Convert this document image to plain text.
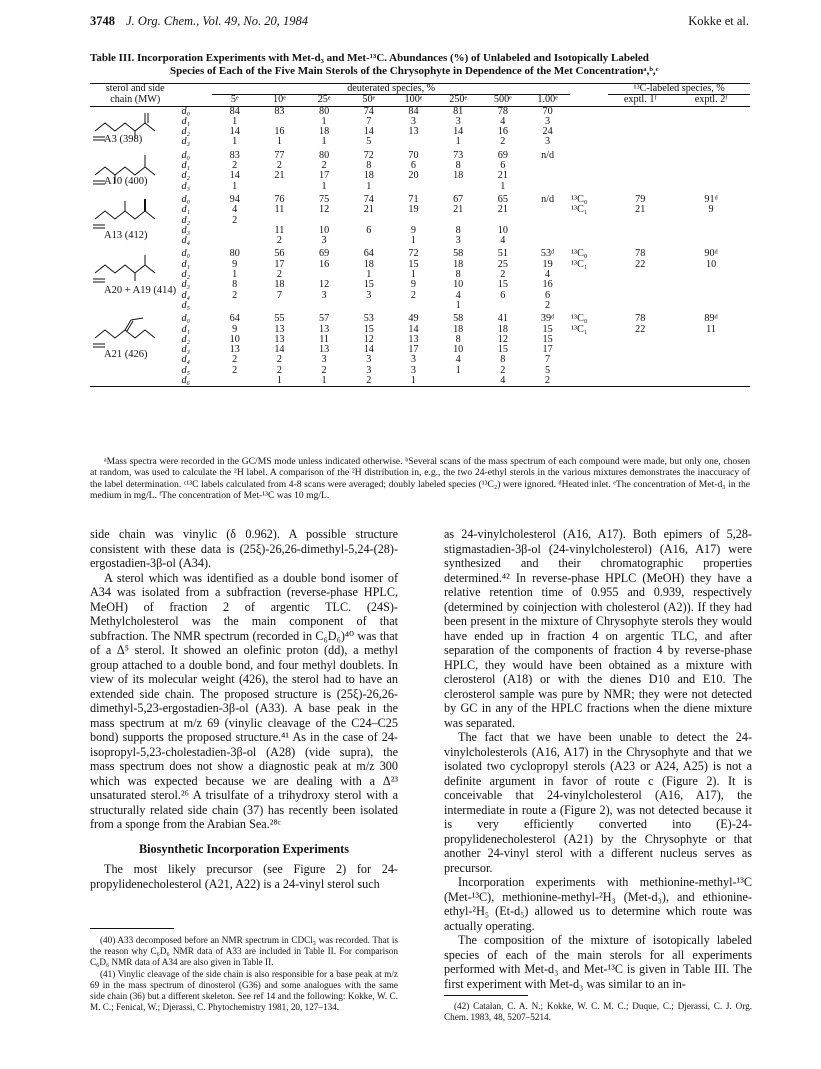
3748 J. Org. Chem., Vol. 49, No. 20, 1984	Kokke et al.
Table III. Incorporation Experiments with Met-d₃ and Met-¹³C. Abundances (%) of Unlabeled and Isotopically Labeled
Species of Each of the Five Main Sterols of the Chrysophyte in Dependence of the Met Concentrationᵃ,ᵇ,ᶜ
sterol and side		deuterated species, %									¹³C-labeled species, %	
chain (MW)		5ᵉ	10ᵉ	25ᵉ	50ᵉ	100ᵉ	250ᵉ	500ᵉ	1.00ᵉ		exptl. 1ᶠ	exptl. 2ᶠ

A3 (398)	d₀	84	83	80	74	84	81	78	70			
	d₁	1		1	7	3	3	4	3			
	d₂	14	16	18	14	13	14	16	24			
	d₃	1	1	1	5		1	2	3			

A10 (400)	d₀	83	77	80	72	70	73	69	n/d			
	d₁	2	2	2	8	6	8	6				
	d₂	14	21	17	18	20	18	21				
	d₃	1		1	1			1				

A13 (412)	d₀	94	76	75	74	71	67	65	n/d	¹³C₀	79	91ᵈ
	d₁	4	11	12	21	19	21	21		¹³C₁	21	9
	d₂	2										
	d₃		11	10	6	9	8	10				
	d₄		2	3		1	3	4				

A20 + A19 (414)	d₀	80	56	69	64	72	58	51	53ᵈ	¹³C₀	78	90ᵈ
	d₁	9	17	16	18	15	18	25	19	¹³C₁	22	10
	d₂	1	2		1	1	8	2	4			
	d₃	8	18	12	15	9	10	15	16			
	d₄	2	7	3	3	2	4	6	6			
	d₅						1		2			

A21 (426)	d₀	64	55	57	53	49	58	41	39ᵈ	¹³C₀	78	89ᵈ
	d₁	9	13	13	15	14	18	18	15	¹³C₁	22	11
	d₂	10	13	11	12	13	8	12	15			
	d₃	13	14	13	14	17	10	15	17			
	d₄	2	2	3	3	3	4	8	7			
	d₅	2	2	2	3	3	1	2	5			
	d₆		1	1	2	1		4	2			
ᵃMass spectra were recorded in the GC/MS mode unless indicated otherwise. ᵇSeveral scans of the mass spectrum of each compound were made, but only one, chosen at random, was used to calculate the ²H label. A comparison of the ²H distribution in, e.g., the two 24-ethyl sterols in the various mixtures demonstrates the inaccuracy of the label determination. ᶜ¹³C labels calculated from 4-8 scans were averaged; doubly labeled species (¹³C₂) were ignored. ᵈHeated inlet. ᵉThe concentration of Met-d₃ in the medium in mg/L. ᶠThe concentration of Met-¹³C was 10 mg/L.

side chain was vinylic (δ 0.962). A possible structure consistent with these data is (25ξ)-26,26-dimethyl-5,24-(28)-ergostadien-3β-ol (A34).

A sterol which was identified as a double bond isomer of A34 was isolated from a subfraction (reverse-phase HPLC, MeOH) of fraction 2 of argentic TLC. (24S)-Methylcholesterol was the main component of that subfraction. The NMR spectrum (recorded in C₆D₆)⁴⁰ was that of a Δ⁵ sterol. It showed an olefinic proton (dd), a methyl group attached to a double bond, and four methyl doublets. In view of its molecular weight (426), the sterol had to have an extended side chain. The proposed structure is (25ξ)-26,26-dimethyl-5,23-ergostadien-3β-ol (A33). A base peak in the mass spectrum at m/z 69 (vinylic cleavage of the C24–C25 bond) supports the proposed structure.⁴¹ As in the case of 24-isopropyl-5,23-cholestadien-3β-ol (A28) (vide supra), the mass spectrum does not show a diagnostic peak at m/z 300 which was expected because we are dealing with a Δ²³ unsaturated sterol.²⁶ A trisulfate of a trihydroxy sterol with a structurally related side chain (37) has recently been isolated from a sponge from the Arabian Sea.²⁸ᶜ

Biosynthetic Incorporation Experiments

The most likely precursor (see Figure 2) for 24-propylidenecholesterol (A21, A22) is a 24-vinyl sterol such

(40) A33 decomposed before an NMR spectrum in CDCl₃ was recorded. That is the reason why C₆D₆ NMR data of A33 are included in Table II. For comparison C₆D₆ NMR data of A34 are also given in Table II.

(41) Vinylic cleavage of the side chain is also responsible for a base peak at m/z 69 in the mass spectrum of dinosterol (G36) and some analogues with the same side chain (36) but a different skeleton. See ref 14 and the following: Kokke, W. C. M. C.; Fenical, W.; Djerassi, C. Phytochemistry 1981, 20, 127–134.

as 24-vinylcholesterol (A16, A17). Both epimers of 5,28-stigmastadien-3β-ol (24-vinylcholesterol) (A16, A17) were synthesized and their chromatographic properties determined.⁴² In reverse-phase HPLC (MeOH) they have a relative retention time of 0.955 and 0.939, respectively (determined by coinjection with cholesterol (A2)). If they had been present in the mixture of Chrysophyte sterols they would have ended up in fraction 4 on argentic TLC, and after separation of the components of fraction 4 by reverse-phase HPLC, they would have been obtained as a mixture with clerosterol (A18) or with the dienes D10 and E10. The clerosterol sample was pure by NMR; they were not detected by GC in any of the HPLC fractions when the diene mixture was separated.

The fact that we have been unable to detect the 24-vinylcholesterols (A16, A17) in the Chrysophyte and that we isolated two cyclopropyl sterols (A23 or A24, A25) is not a definite argument in favor of route c (Figure 2). It is conceivable that 24-vinylcholesterol (A16, A17), the intermediate in route a (Figure 2), was not detected because it is very efficiently converted into (E)-24-propylidenecholesterol (A21) by the Chrysophyte or that another 24-vinyl sterol with a different nucleus serves as precursor.

Incorporation experiments with methionine-methyl-¹³C (Met-¹³C), methionine-methyl-²H₃ (Met-d₃), and ethionine-ethyl-²H₅ (Et-d₅) allowed us to determine which route was actually operating.

The composition of the mixture of isotopically labeled species of each of the main sterols for all experiments performed with Met-d₃ and Met-¹³C is given in Table III. The first experiment with Met-d₃ was similar to an in-

(42) Catalan, C. A. N.; Kokke, W. C. M. C.; Duque, C.; Djerassi, C. J. Org. Chem. 1983, 48, 5207–5214.
